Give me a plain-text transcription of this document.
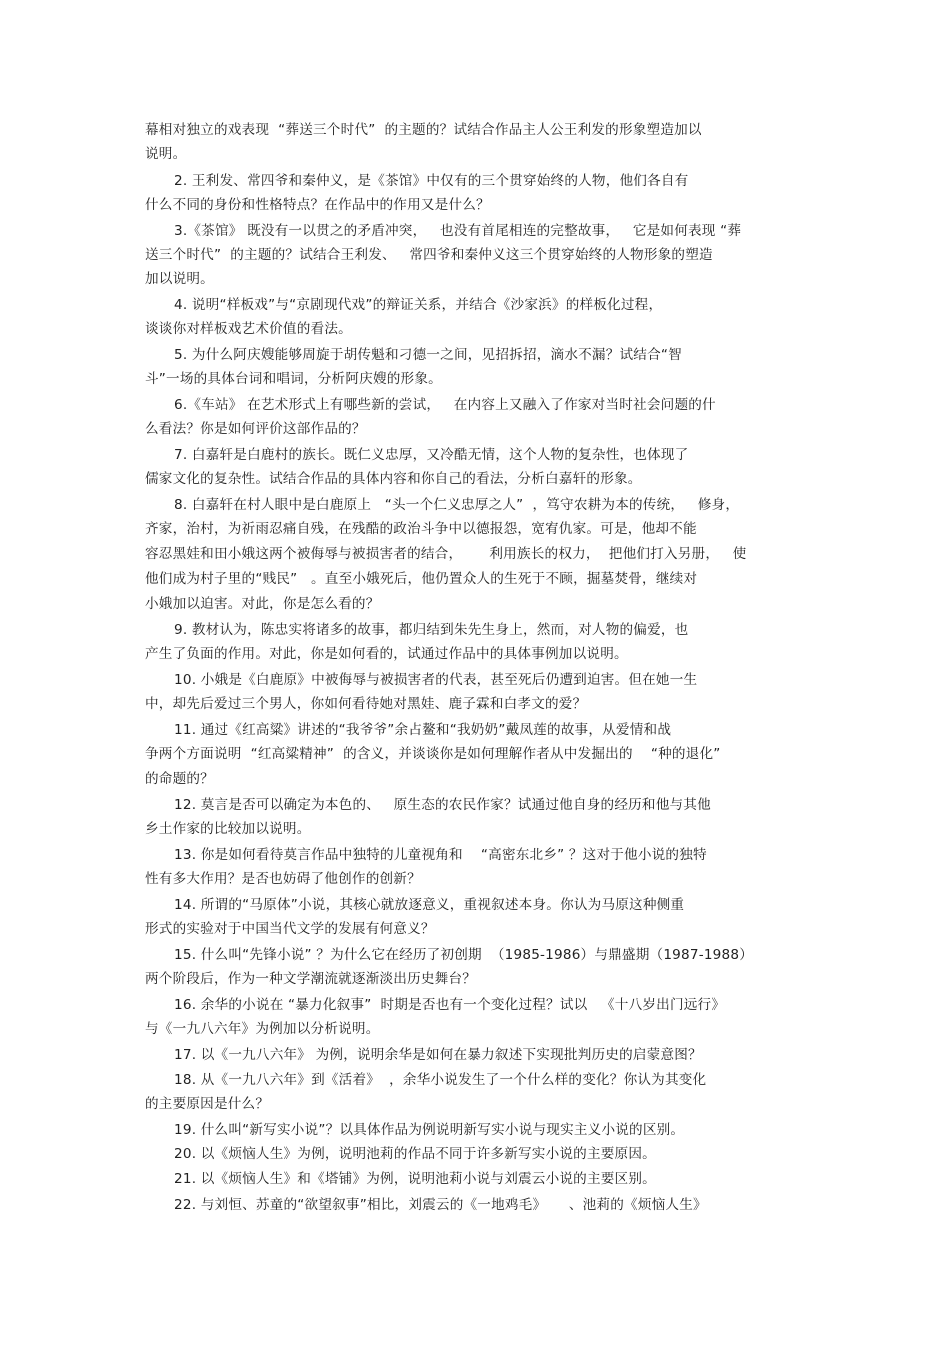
幕相对独立的戏表现  “葬送三个时代”  的主题的？试结合作品主人公王利发的形象塑造加以
说明。
2. 王利发、常四爷和秦仲义，是《茶馆》中仅有的三个贯穿始终的人物，他们各自有
什么不同的身份和性格特点？在作品中的作用又是什么？
3.《茶馆》 既没有一以贯之的矛盾冲突，   也没有首尾相连的完整故事，   它是如何表现 “葬
送三个时代”  的主题的？试结合王利发、   常四爷和秦仲义这三个贯穿始终的人物形象的塑造
加以说明。
4. 说明“样板戏”与“京剧现代戏”的辩证关系，并结合《沙家浜》的样板化过程，
谈谈你对样板戏艺术价值的看法。
5. 为什么阿庆嫂能够周旋于胡传魁和刁德一之间，见招拆招，滴水不漏？试结合“智
斗”一场的具体台词和唱词，分析阿庆嫂的形象。
6.《车站》 在艺术形式上有哪些新的尝试，   在内容上又融入了作家对当时社会问题的什
么看法？你是如何评价这部作品的？
7. 白嘉轩是白鹿村的族长。既仁义忠厚，又冷酷无情，这个人物的复杂性，也体现了
儒家文化的复杂性。试结合作品的具体内容和你自己的看法，分析白嘉轩的形象。
8. 白嘉轩在村人眼中是白鹿原上   “头一个仁义忠厚之人”  ，笃守农耕为本的传统，   修身，
齐家，治村，为祈雨忍痛自残，在残酷的政治斗争中以德报怨，宽宥仇家。可是，他却不能
容忍黑娃和田小娥这两个被侮辱与被损害者的结合，      利用族长的权力，  把他们打入另册，   使
他们成为村子里的“贱民”   。直至小娥死后，他仍置众人的生死于不顾，掘墓焚骨，继续对
小娥加以迫害。对此，你是怎么看的？
9. 教材认为，陈忠实将诸多的故事，都归结到朱先生身上，然而，对人物的偏爱，也
产生了负面的作用。对此，你是如何看的，试通过作品中的具体事例加以说明。
10. 小娥是《白鹿原》中被侮辱与被损害者的代表，甚至死后仍遭到迫害。但在她一生
中，却先后爱过三个男人，你如何看待她对黑娃、鹿子霖和白孝文的爱？
11. 通过《红高粱》讲述的“我爷爷”余占鳌和“我奶奶”戴凤莲的故事，从爱情和战
争两个方面说明  “红高粱精神”  的含义，并谈谈你是如何理解作者从中发掘出的    “种的退化”
的命题的？
12. 莫言是否可以确定为本色的、   原生态的农民作家？试通过他自身的经历和他与其他
乡土作家的比较加以说明。
13. 你是如何看待莫言作品中独特的儿童视角和    “高密东北乡” ？这对于他小说的独特
性有多大作用？是否也妨碍了他创作的创新？
14. 所谓的“马原体”小说，其核心就放逐意义，重视叙述本身。你认为马原这种侧重
形式的实验对于中国当代文学的发展有何意义？
15. 什么叫“先锋小说” ？为什么它在经历了初创期  （1985-1986）与鼎盛期（1987-1988）
两个阶段后，作为一种文学潮流就逐渐淡出历史舞台？
16. 余华的小说在 “暴力化叙事”  时期是否也有一个变化过程？试以   《十八岁出门远行》
与《一九八六年》为例加以分析说明。
17. 以《一九八六年》 为例，说明余华是如何在暴力叙述下实现批判历史的启蒙意图？
18. 从《一九八六年》到《活着》  ，余华小说发生了一个什么样的变化？你认为其变化
的主要原因是什么？
19. 什么叫“新写实小说”？以具体作品为例说明新写实小说与现实主义小说的区别。
20. 以《烦恼人生》为例，说明池莉的作品不同于许多新写实小说的主要原因。
21. 以《烦恼人生》和《塔铺》为例，说明池莉小说与刘震云小说的主要区别。
22. 与刘恒、苏童的“欲望叙事”相比，刘震云的《一地鸡毛》     、池莉的《烦恼人生》
